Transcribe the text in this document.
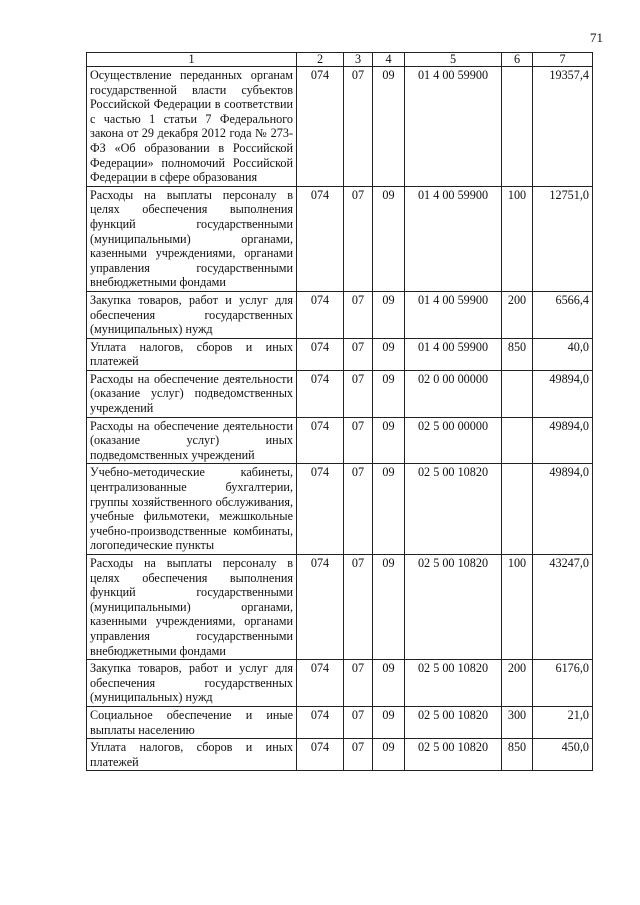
71
1	2	3	4	5	6	7
Осуществление переданных органам государственной власти субъектов Российской Федерации в соответствии с частью 1 статьи 7 Федерального закона от 29 декабря 2012 года № 273-ФЗ «Об образовании в Российской Федерации» полномочий Российской Федерации в сфере образования	074	07	09	01 4 00 59900		19357,4
Расходы на выплаты персоналу в целях обеспечения выполнения функций государственными (муниципальными) органами, казенными учреждениями, органами управления государственными внебюджетными фондами	074	07	09	01 4 00 59900	100	12751,0
Закупка товаров, работ и услуг для обеспечения государственных (муниципальных) нужд	074	07	09	01 4 00 59900	200	6566,4
Уплата налогов, сборов и иных платежей	074	07	09	01 4 00 59900	850	40,0
Расходы на обеспечение деятельности (оказание услуг) подведомственных учреждений	074	07	09	02 0 00 00000		49894,0
Расходы на обеспечение деятельности (оказание услуг) иных подведомственных учреждений	074	07	09	02 5 00 00000		49894,0
Учебно-методические кабинеты, централизованные бухгалтерии, группы хозяйственного обслуживания, учебные фильмотеки, межшкольные учебно-производственные комбинаты, логопедические пункты	074	07	09	02 5 00 10820		49894,0
Расходы на выплаты персоналу в целях обеспечения выполнения функций государственными (муниципальными) органами, казенными учреждениями, органами управления государственными внебюджетными фондами	074	07	09	02 5 00 10820	100	43247,0
Закупка товаров, работ и услуг для обеспечения государственных (муниципальных) нужд	074	07	09	02 5 00 10820	200	6176,0
Социальное обеспечение и иные выплаты населению	074	07	09	02 5 00 10820	300	21,0
Уплата налогов, сборов и иных платежей	074	07	09	02 5 00 10820	850	450,0
